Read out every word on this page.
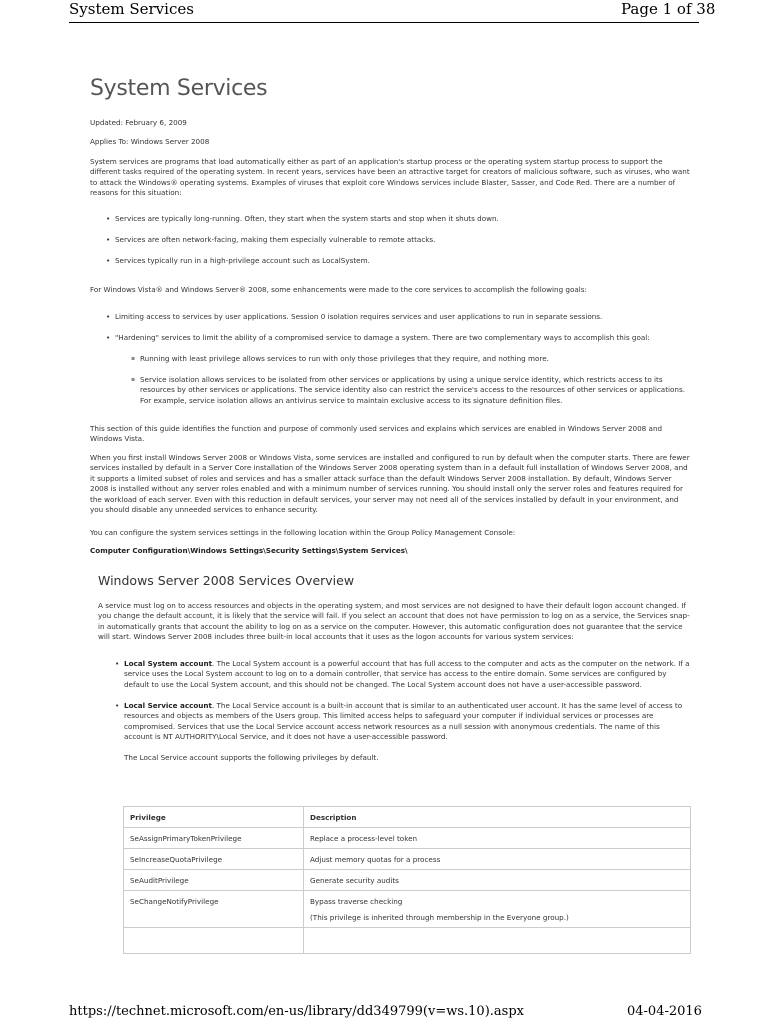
System Services	Page 1 of 38
System Services

Updated: February 6, 2009

Applies To: Windows Server 2008

System services are programs that load automatically either as part of an application's startup process or the operating system startup process to support the different tasks required of the operating system. In recent years, services have been an attractive target for creators of malicious software, such as viruses, who want to attack the Windows® operating systems. Examples of viruses that exploit core Windows services include Blaster, Sasser, and Code Red. There are a number of reasons for this situation:

• Services are typically long-running. Often, they start when the system starts and stop when it shuts down.

• Services are often network-facing, making them especially vulnerable to remote attacks.

• Services typically run in a high-privilege account such as LocalSystem.

For Windows Vista® and Windows Server® 2008, some enhancements were made to the core services to accomplish the following goals:

• Limiting access to services by user applications. Session 0 isolation requires services and user applications to run in separate sessions.

• "Hardening" services to limit the ability of a compromised service to damage a system. There are two complementary ways to accomplish this goal:

▪ Running with least privilege allows services to run with only those privileges that they require, and nothing more.

▪ Service isolation allows services to be isolated from other services or applications by using a unique service identity, which restricts access to its resources by other services or applications. The service identity also can restrict the service's access to the resources of other services or applications. For example, service isolation allows an antivirus service to maintain exclusive access to its signature definition files.

This section of this guide identifies the function and purpose of commonly used services and explains which services are enabled in Windows Server 2008 and Windows Vista.

When you first install Windows Server 2008 or Windows Vista, some services are installed and configured to run by default when the computer starts. There are fewer services installed by default in a Server Core installation of the Windows Server 2008 operating system than in a default full installation of Windows Server 2008, and it supports a limited subset of roles and services and has a smaller attack surface than the default Windows Server 2008 installation. By default, Windows Server 2008 is installed without any server roles enabled and with a minimum number of services running. You should install only the server roles and features required for the workload of each server. Even with this reduction in default services, your server may not need all of the services installed by default in your environment, and you should disable any unneeded services to enhance security.

You can configure the system services settings in the following location within the Group Policy Management Console:

Computer Configuration\Windows Settings\Security Settings\System Services\

Windows Server 2008 Services Overview

A service must log on to access resources and objects in the operating system, and most services are not designed to have their default logon account changed. If you change the default account, it is likely that the service will fail. If you select an account that does not have permission to log on as a service, the Services snap-in automatically grants that account the ability to log on as a service on the computer. However, this automatic configuration does not guarantee that the service will start. Windows Server 2008 includes three built-in local accounts that it uses as the logon accounts for various system services:

• Local System account. The Local System account is a powerful account that has full access to the computer and acts as the computer on the network. If a service uses the Local System account to log on to a domain controller, that service has access to the entire domain. Some services are configured by default to use the Local System account, and this should not be changed. The Local System account does not have a user-accessible password.

• Local Service account. The Local Service account is a built-in account that is similar to an authenticated user account. It has the same level of access to resources and objects as members of the Users group. This limited access helps to safeguard your computer if individual services or processes are compromised. Services that use the Local Service account access network resources as a null session with anonymous credentials. The name of this account is NT AUTHORITY\Local Service, and it does not have a user-accessible password.

The Local Service account supports the following privileges by default.

Privilege	Description
SeAssignPrimaryTokenPrivilege	Replace a process-level token
SeIncreaseQuotaPrivilege	Adjust memory quotas for a process
SeAuditPrivilege	Generate security audits
SeChangeNotifyPrivilege	Bypass traverse checking
(This privilege is inherited through membership in the Everyone group.)

https://technet.microsoft.com/en-us/library/dd349799(v=ws.10).aspx	04-04-2016
